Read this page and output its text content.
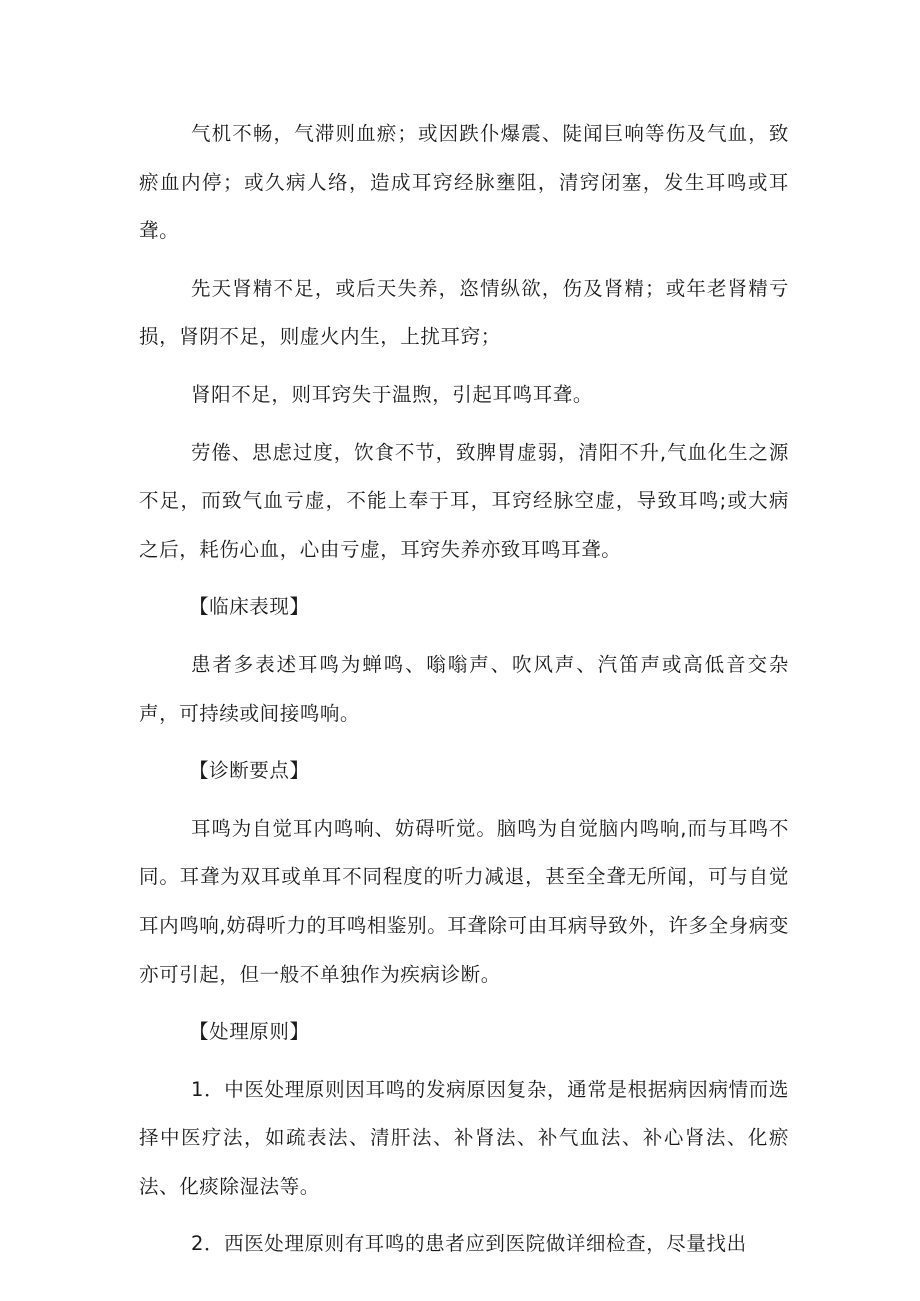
气机不畅，气滞则血瘀；或因跌仆爆震、陡闻巨响等伤及气血，致瘀血内停；或久病人络，造成耳窍经脉壅阻，清窍闭塞，发生耳鸣或耳聋。

先天肾精不足，或后天失养，恣情纵欲，伤及肾精；或年老肾精亏损，肾阴不足，则虚火内生，上扰耳窍；

肾阳不足，则耳窍失于温煦，引起耳鸣耳聋。

劳倦、思虑过度，饮食不节，致脾胃虚弱，清阳不升,气血化生之源不足，而致气血亏虚，不能上奉于耳，耳窍经脉空虚，导致耳鸣;或大病之后，耗伤心血，心由亏虚，耳窍失养亦致耳鸣耳聋。

【临床表现】

患者多表述耳鸣为蝉鸣、嗡嗡声、吹风声、汽笛声或高低音交杂声，可持续或间接鸣响。

【诊断要点】

耳鸣为自觉耳内鸣响、妨碍听觉。脑鸣为自觉脑内鸣响,而与耳鸣不同。耳聋为双耳或单耳不同程度的听力减退，甚至全聋无所闻，可与自觉耳内鸣响,妨碍听力的耳鸣相鉴别。耳聋除可由耳病导致外，许多全身病变亦可引起，但一般不单独作为疾病诊断。

【处理原则】

1．中医处理原则因耳鸣的发病原因复杂，通常是根据病因病情而选择中医疗法，如疏表法、清肝法、补肾法、补气血法、补心肾法、化瘀法、化痰除湿法等。

2．西医处理原则有耳鸣的患者应到医院做详细检查，尽量找出
